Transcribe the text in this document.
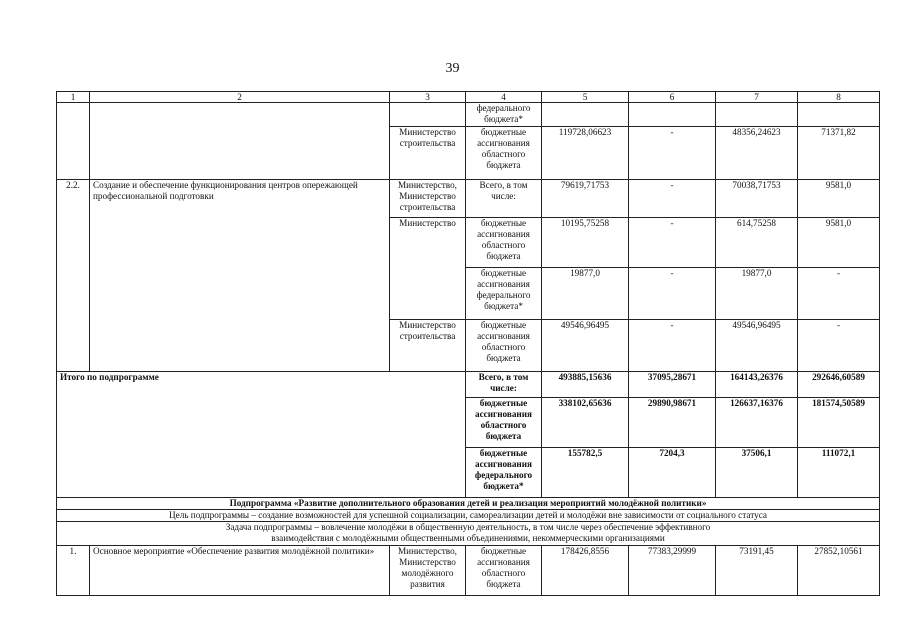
39
1	2	3	4	5	6	7	8
			федерального бюджета*				
		Министерство строительства	бюджетные ассигнования областного бюджета	119728,06623	-	48356,24623	71371,82
2.2.	Создание и обеспечение функционирования центров опережающей профессиональной подготовки	Министерство, Министерство строительства	Всего, в том числе:	79619,71753	-	70038,71753	9581,0
		Министерство	бюджетные ассигнования областного бюджета	10195,75258	-	614,75258	9581,0
			бюджетные ассигнования федерального бюджета*	19877,0	-	19877,0	-
		Министерство строительства	бюджетные ассигнования областного бюджета	49546,96495	-	49546,96495	-
Итого по подпрограмме			Всего, в том числе:	493885,15636	37095,28671	164143,26376	292646,60589
			бюджетные ассигнования областного бюджета	338102,65636	29890,98671	126637,16376	181574,50589
			бюджетные ассигнования федерального бюджета*	155782,5	7204,3	37506,1	111072,1
Подпрограмма «Развитие дополнительного образования детей и реализация мероприятий молодёжной политики»							
Цель подпрограммы – создание возможностей для успешной социализации, самореализации детей и молодёжи вне зависимости от социального статуса							
Задача подпрограммы – вовлечение молодёжи в общественную деятельность, в том числе через обеспечение эффективного взаимодействия с молодёжными общественными объединениями, некоммерческими организациями							
1.	Основное мероприятие «Обеспечение развития молодёжной политики»	Министерство, Министерство молодёжного развития	бюджетные ассигнования областного бюджета	178426,8556	77383,29999	73191,45	27852,10561
